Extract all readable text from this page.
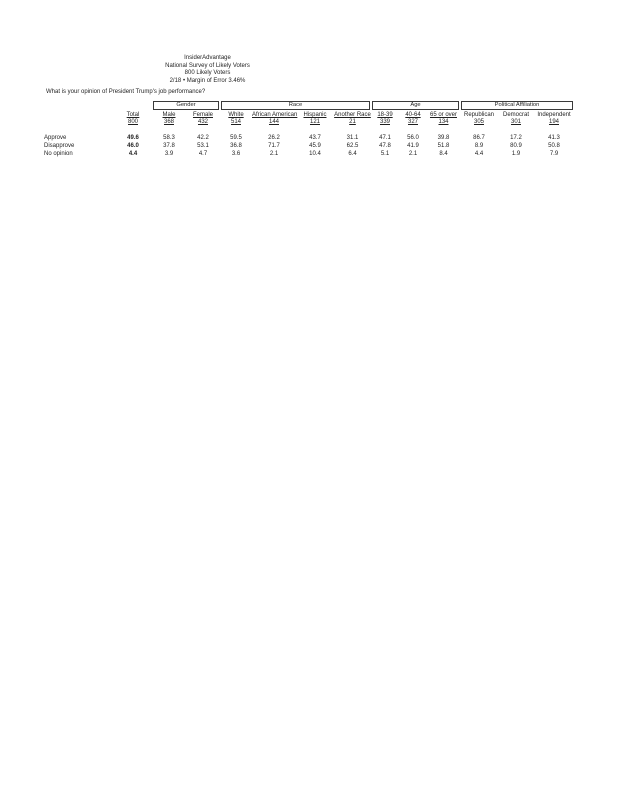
InsiderAdvantage
National Survey of Likely Voters
800 Likely Voters
2/18 • Margin of Error 3.46%
What is your opinion of President Trump's job performance?
Gender	Race	Age	Political Affiliation
Total	Male	Female	White	African American	Hispanic	Another Race	18-39	40-64	65 or over	Republican	Democrat	Independent
800	368	432	514	144	121	21	339	327	134	305	301	194
Approve	49.6	58.3	42.2	59.5	26.2	43.7	31.1	47.1	56.0	39.8	86.7	17.2	41.3
Disapprove	46.0	37.8	53.1	36.8	71.7	45.9	62.5	47.8	41.9	51.8	8.9	80.9	50.8
No opinion	4.4	3.9	4.7	3.6	2.1	10.4	6.4	5.1	2.1	8.4	4.4	1.9	7.9
